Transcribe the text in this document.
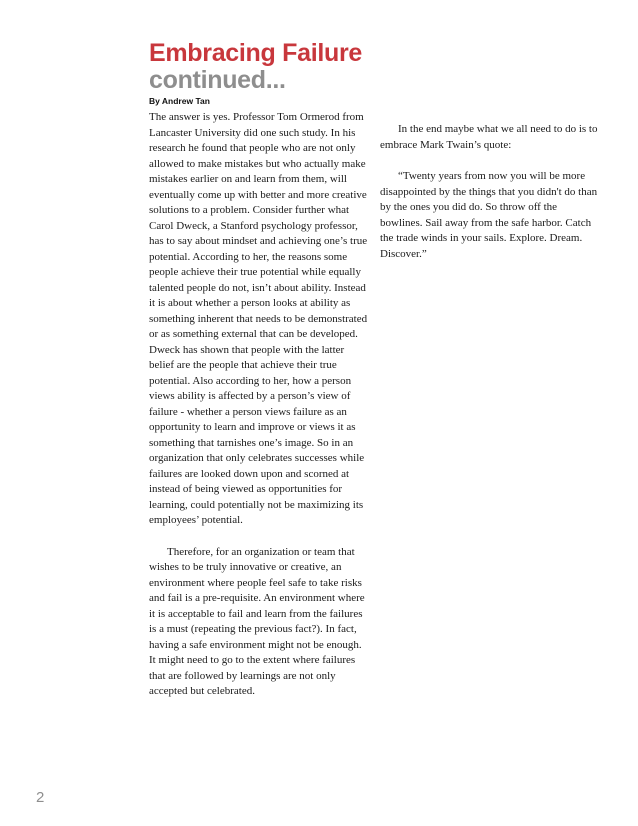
Embracing Failure
continued...
By Andrew Tan

The answer is yes. Professor Tom Ormerod from Lancaster University did one such study. In his research he found that people who are not only allowed to make mistakes but who actually make mistakes earlier on and learn from them, will eventually come up with better and more creative solutions to a problem. Consider further what Carol Dweck, a Stanford psychology professor, has to say about mindset and achieving one’s true potential. According to her, the reasons some people achieve their true potential while equally talented people do not, isn’t about ability. Instead it is about whether a person looks at ability as something inherent that needs to be demonstrated or as something external that can be developed. Dweck has shown that people with the latter belief are the people that achieve their true potential. Also according to her, how a person views ability is affected by a person’s view of failure - whether a person views failure as an opportunity to learn and improve or views it as something that tarnishes one’s image. So in an organization that only celebrates successes while failures are looked down upon and scorned at instead of being viewed as opportunities for learning, could potentially not be maximizing its employees’ potential.

Therefore, for an organization or team that wishes to be truly innovative or creative, an environment where people feel safe to take risks and fail is a pre-requisite. An environment where it is acceptable to fail and learn from the failures is a must (repeating the previous fact?). In fact, having a safe environment might not be enough. It might need to go to the extent where failures that are followed by learnings are not only accepted but celebrated.

In the end maybe what we all need to do is to embrace Mark Twain’s quote:

“Twenty years from now you will be more disappointed by the things that you didn't do than by the ones you did do. So throw off the bowlines. Sail away from the safe harbor. Catch the trade winds in your sails. Explore. Dream. Discover.”

2
